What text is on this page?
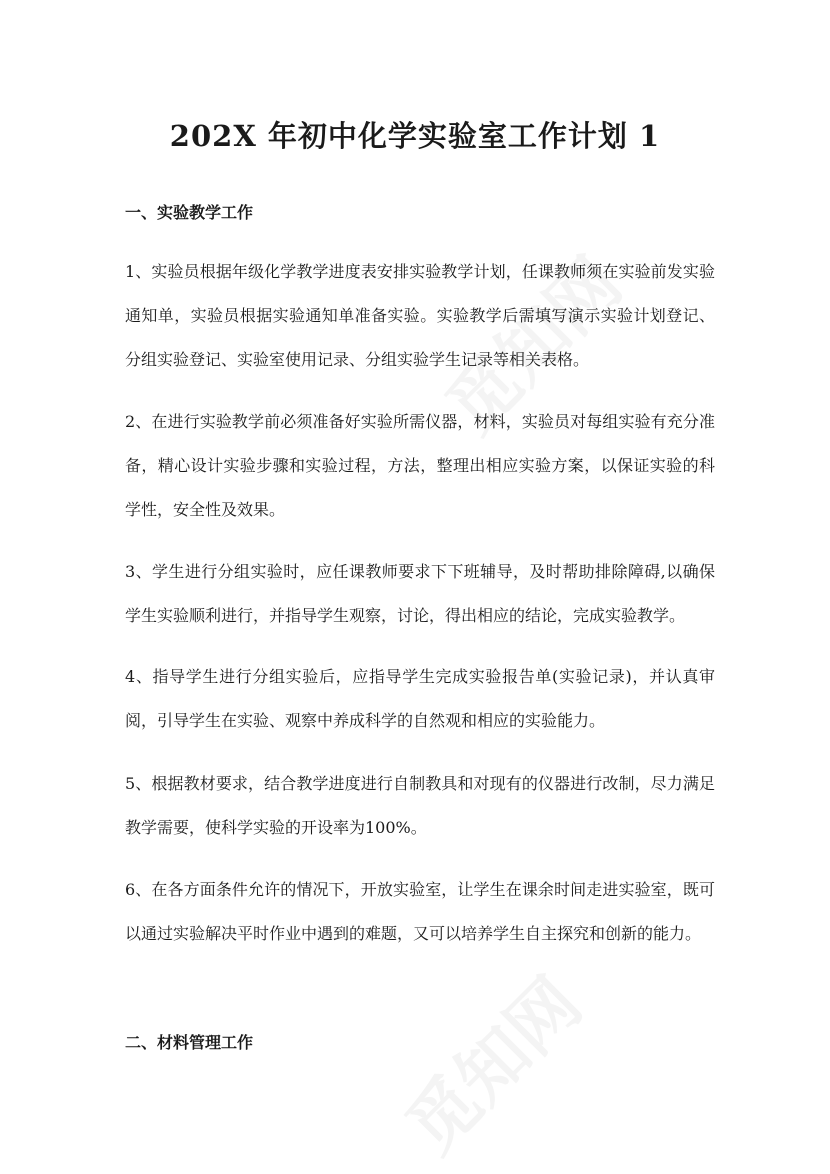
202X 年初中化学实验室工作计划 1
一、实验教学工作

1、实验员根据年级化学教学进度表安排实验教学计划，任课教师须在实验前发实验通知单，实验员根据实验通知单准备实验。实验教学后需填写演示实验计划登记、分组实验登记、实验室使用记录、分组实验学生记录等相关表格。

2、在进行实验教学前必须准备好实验所需仪器，材料，实验员对每组实验有充分准备，精心设计实验步骤和实验过程，方法，整理出相应实验方案，以保证实验的科学性，安全性及效果。

3、学生进行分组实验时，应任课教师要求下下班辅导，及时帮助排除障碍,以确保学生实验顺利进行，并指导学生观察，讨论，得出相应的结论，完成实验教学。

4、指导学生进行分组实验后，应指导学生完成实验报告单(实验记录)，并认真审阅，引导学生在实验、观察中养成科学的自然观和相应的实验能力。

5、根据教材要求，结合教学进度进行自制教具和对现有的仪器进行改制，尽力满足教学需要，使科学实验的开设率为100%。

6、在各方面条件允许的情况下，开放实验室，让学生在课余时间走进实验室，既可以通过实验解决平时作业中遇到的难题，又可以培养学生自主探究和创新的能力。

二、材料管理工作
